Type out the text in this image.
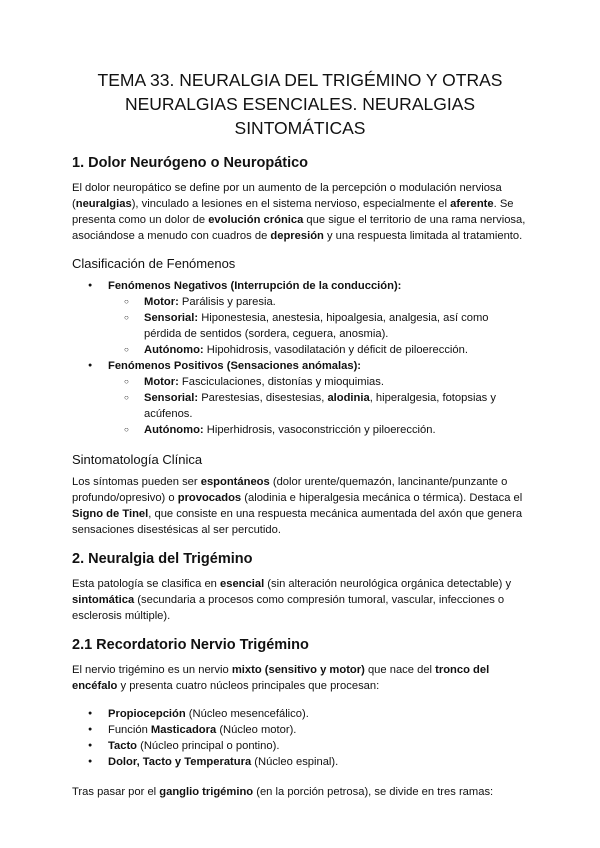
TEMA 33. NEURALGIA DEL TRIGÉMINO Y OTRAS NEURALGIAS ESENCIALES. NEURALGIAS SINTOMÁTICAS
1. Dolor Neurógeno o Neuropático

El dolor neuropático se define por un aumento de la percepción o modulación nerviosa (neuralgias), vinculado a lesiones en el sistema nervioso, especialmente el aferente. Se presenta como un dolor de evolución crónica que sigue el territorio de una rama nerviosa, asociándose a menudo con cuadros de depresión y una respuesta limitada al tratamiento.

Clasificación de Fenómenos
● Fenómenos Negativos (Interrupción de la conducción):
○ Motor: Parálisis y paresia.
○ Sensorial: Hiponestesia, anestesia, hipoalgesia, analgesia, así como pérdida de sentidos (sordera, ceguera, anosmia).
○ Autónomo: Hipohidrosis, vasodilatación y déficit de piloerección.
● Fenómenos Positivos (Sensaciones anómalas):
○ Motor: Fasciculaciones, distonías y mioquimias.
○ Sensorial: Parestesias, disestesias, alodinia, hiperalgesia, fotopsias y acúfenos.
○ Autónomo: Hiperhidrosis, vasoconstricción y piloerección.
Sintomatología Clínica

Los síntomas pueden ser espontáneos (dolor urente/quemazón, lancinante/punzante o profundo/opresivo) o provocados (alodinia e hiperalgesia mecánica o térmica). Destaca el Signo de Tinel, que consiste en una respuesta mecánica aumentada del axón que genera sensaciones disestésicas al ser percutido.

2. Neuralgia del Trigémino

Esta patología se clasifica en esencial (sin alteración neurológica orgánica detectable) y sintomática (secundaria a procesos como compresión tumoral, vascular, infecciones o esclerosis múltiple).

2.1 Recordatorio Nervio Trigémino

El nervio trigémino es un nervio mixto (sensitivo y motor) que nace del tronco del encéfalo y presenta cuatro núcleos principales que procesan:

● Propiocepción (Núcleo mesencefálico).
● Función Masticadora (Núcleo motor).
● Tacto (Núcleo principal o pontino).
● Dolor, Tacto y Temperatura (Núcleo espinal).

Tras pasar por el ganglio trigémino (en la porción petrosa), se divide en tres ramas:
